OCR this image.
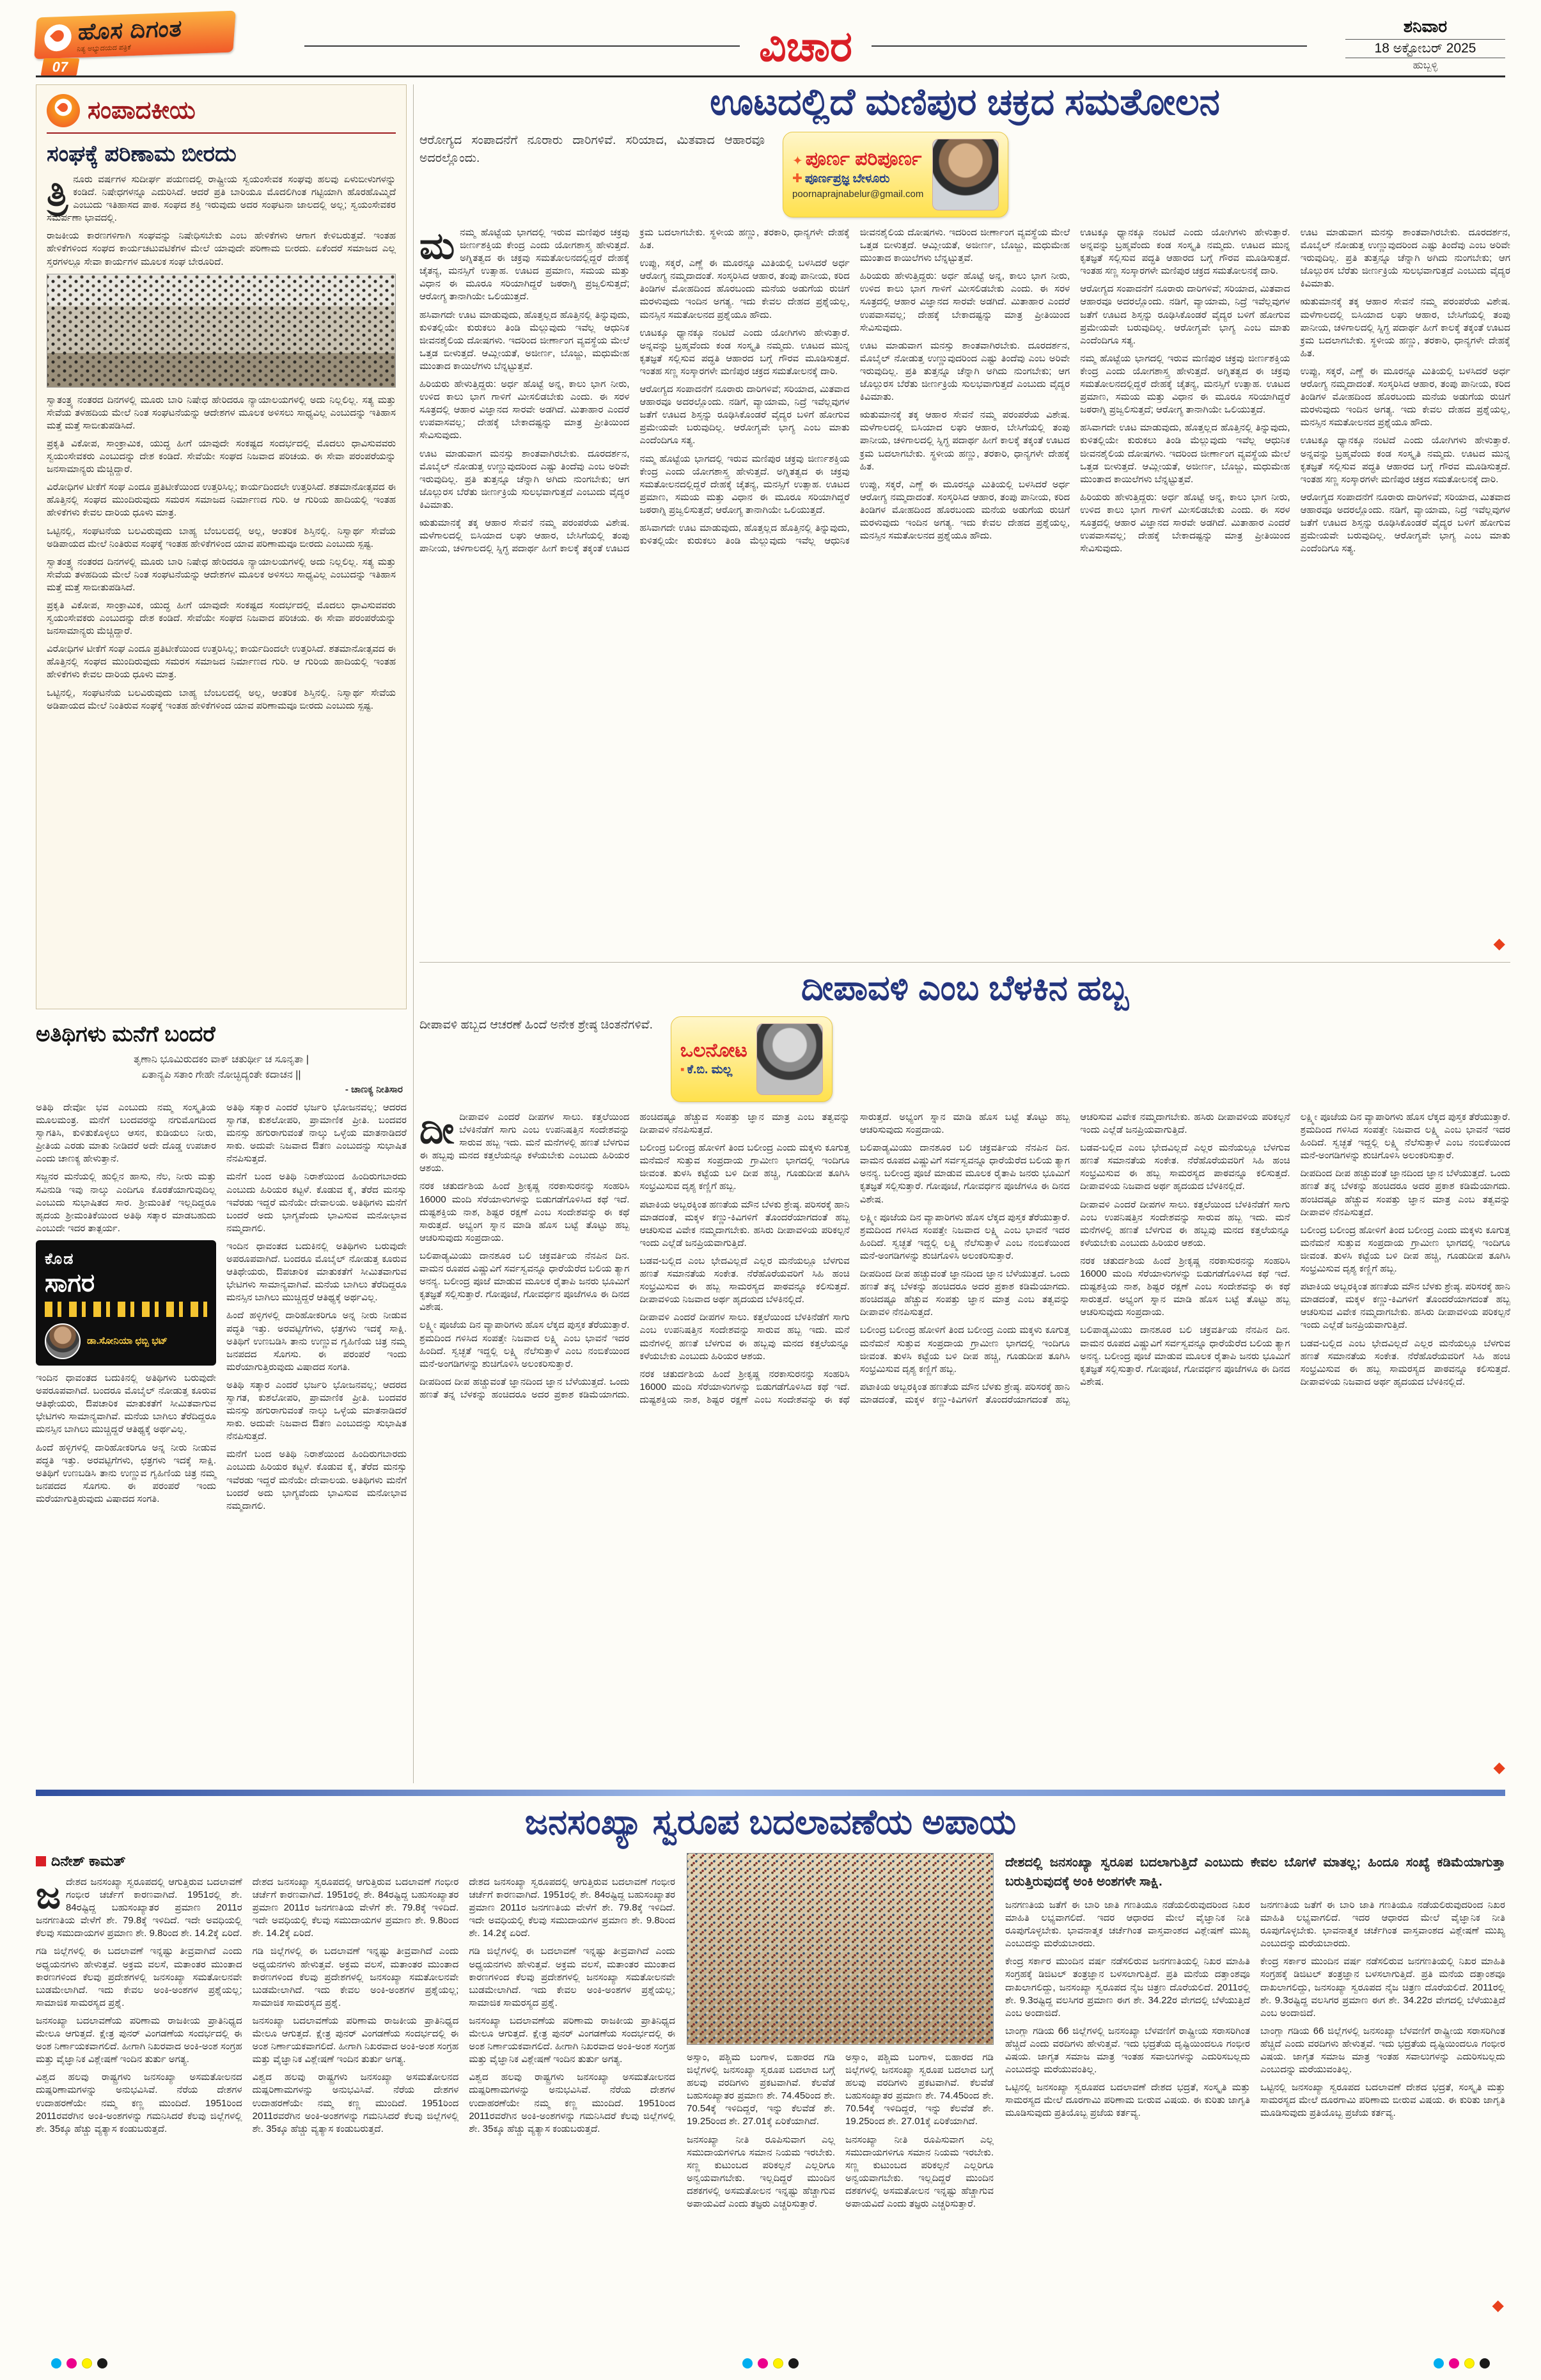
ಹೊಸ ದಿಗಂತ
ನಿತ್ಯ ಅಭ್ಯುದಯದ ಪತ್ರಿಕೆ
07	ವಿಚಾರ	ಶನಿವಾರ
18 ಅಕ್ಟೋಬರ್ 2025
ಹುಬ್ಬಳ್ಳಿ
ಸಂಪಾದಕೀಯ
ಸಂಘಕ್ಕೆ ಪರಿಣಾಮ ಬೀರದು
ತ್ರಿ ನೂರು ವರ್ಷಗಳ ಸುದೀರ್ಘ ಪಯಣದಲ್ಲಿ ರಾಷ್ಟ್ರೀಯ ಸ್ವಯಂಸೇವಕ ಸಂಘವು ಹಲವು ಏಳುಬೀಳುಗಳನ್ನು ಕಂಡಿದೆ. ನಿಷೇಧಗಳನ್ನೂ ಎದುರಿಸಿದೆ. ಆದರೆ ಪ್ರತಿ ಬಾರಿಯೂ ಮೊದಲಿಗಿಂತ ಗಟ್ಟಿಯಾಗಿ ಹೊರಹೊಮ್ಮಿದೆ ಎಂಬುದು ಇತಿಹಾಸದ ಪಾಠ. ಸಂಘದ ಶಕ್ತಿ ಇರುವುದು ಅದರ ಸಂಘಟನಾ ಜಾಲದಲ್ಲಿ ಅಲ್ಲ; ಸ್ವಯಂಸೇವಕರ ಸಮರ್ಪಣಾ ಭಾವದಲ್ಲಿ.

ರಾಜಕೀಯ ಕಾರಣಗಳಿಗಾಗಿ ಸಂಘವನ್ನು ನಿಷೇಧಿಸಬೇಕು ಎಂಬ ಹೇಳಿಕೆಗಳು ಆಗಾಗ ಕೇಳಿಬರುತ್ತವೆ. ಇಂತಹ ಹೇಳಿಕೆಗಳಿಂದ ಸಂಘದ ಕಾರ್ಯಚಟುವಟಿಕೆಗಳ ಮೇಲೆ ಯಾವುದೇ ಪರಿಣಾಮ ಬೀರದು. ಏಕೆಂದರೆ ಸಮಾಜದ ಎಲ್ಲ ಸ್ತರಗಳಲ್ಲೂ ಸೇವಾ ಕಾರ್ಯಗಳ ಮೂಲಕ ಸಂಘ ಬೇರೂರಿದೆ.

ಸ್ವಾತಂತ್ರ್ಯ ನಂತರದ ದಿನಗಳಲ್ಲಿ ಮೂರು ಬಾರಿ ನಿಷೇಧ ಹೇರಿದರೂ ನ್ಯಾಯಾಲಯಗಳಲ್ಲಿ ಅದು ನಿಲ್ಲಲಿಲ್ಲ. ಸತ್ಯ ಮತ್ತು ಸೇವೆಯ ತಳಹದಿಯ ಮೇಲೆ ನಿಂತ ಸಂಘಟನೆಯನ್ನು ಆದೇಶಗಳ ಮೂಲಕ ಅಳಿಸಲು ಸಾಧ್ಯವಿಲ್ಲ ಎಂಬುದನ್ನು ಇತಿಹಾಸ ಮತ್ತೆ ಮತ್ತೆ ಸಾಬೀತುಪಡಿಸಿದೆ.

ಪ್ರಕೃತಿ ವಿಕೋಪ, ಸಾಂಕ್ರಾಮಿಕ, ಯುದ್ಧ ಹೀಗೆ ಯಾವುದೇ ಸಂಕಷ್ಟದ ಸಂದರ್ಭದಲ್ಲಿ ಮೊದಲು ಧಾವಿಸುವವರು ಸ್ವಯಂಸೇವಕರು ಎಂಬುದನ್ನು ದೇಶ ಕಂಡಿದೆ. ಸೇವೆಯೇ ಸಂಘದ ನಿಜವಾದ ಪರಿಚಯ. ಈ ಸೇವಾ ಪರಂಪರೆಯನ್ನು ಜನಸಾಮಾನ್ಯರು ಮೆಚ್ಚಿದ್ದಾರೆ.

ವಿರೋಧಿಗಳ ಟೀಕೆಗೆ ಸಂಘ ಎಂದೂ ಪ್ರತಿಟೀಕೆಯಿಂದ ಉತ್ತರಿಸಿಲ್ಲ; ಕಾರ್ಯದಿಂದಲೇ ಉತ್ತರಿಸಿದೆ. ಶತಮಾನೋತ್ಸವದ ಈ ಹೊತ್ತಿನಲ್ಲಿ ಸಂಘದ ಮುಂದಿರುವುದು ಸಮರಸ ಸಮಾಜದ ನಿರ್ಮಾಣದ ಗುರಿ. ಆ ಗುರಿಯ ಹಾದಿಯಲ್ಲಿ ಇಂತಹ ಹೇಳಿಕೆಗಳು ಕೇವಲ ದಾರಿಯ ಧೂಳು ಮಾತ್ರ.

ಒಟ್ಟಿನಲ್ಲಿ, ಸಂಘಟನೆಯ ಬಲವಿರುವುದು ಬಾಹ್ಯ ಬೆಂಬಲದಲ್ಲಿ ಅಲ್ಲ, ಆಂತರಿಕ ಶಿಸ್ತಿನಲ್ಲಿ. ನಿಸ್ವಾರ್ಥ ಸೇವೆಯ ಅಡಿಪಾಯದ ಮೇಲೆ ನಿಂತಿರುವ ಸಂಘಕ್ಕೆ ಇಂತಹ ಹೇಳಿಕೆಗಳಿಂದ ಯಾವ ಪರಿಣಾಮವೂ ಬೀರದು ಎಂಬುದು ಸ್ಪಷ್ಟ.

ಸ್ವಾತಂತ್ರ್ಯ ನಂತರದ ದಿನಗಳಲ್ಲಿ ಮೂರು ಬಾರಿ ನಿಷೇಧ ಹೇರಿದರೂ ನ್ಯಾಯಾಲಯಗಳಲ್ಲಿ ಅದು ನಿಲ್ಲಲಿಲ್ಲ. ಸತ್ಯ ಮತ್ತು ಸೇವೆಯ ತಳಹದಿಯ ಮೇಲೆ ನಿಂತ ಸಂಘಟನೆಯನ್ನು ಆದೇಶಗಳ ಮೂಲಕ ಅಳಿಸಲು ಸಾಧ್ಯವಿಲ್ಲ ಎಂಬುದನ್ನು ಇತಿಹಾಸ ಮತ್ತೆ ಮತ್ತೆ ಸಾಬೀತುಪಡಿಸಿದೆ.

ಪ್ರಕೃತಿ ವಿಕೋಪ, ಸಾಂಕ್ರಾಮಿಕ, ಯುದ್ಧ ಹೀಗೆ ಯಾವುದೇ ಸಂಕಷ್ಟದ ಸಂದರ್ಭದಲ್ಲಿ ಮೊದಲು ಧಾವಿಸುವವರು ಸ್ವಯಂಸೇವಕರು ಎಂಬುದನ್ನು ದೇಶ ಕಂಡಿದೆ. ಸೇವೆಯೇ ಸಂಘದ ನಿಜವಾದ ಪರಿಚಯ. ಈ ಸೇವಾ ಪರಂಪರೆಯನ್ನು ಜನಸಾಮಾನ್ಯರು ಮೆಚ್ಚಿದ್ದಾರೆ.

ವಿರೋಧಿಗಳ ಟೀಕೆಗೆ ಸಂಘ ಎಂದೂ ಪ್ರತಿಟೀಕೆಯಿಂದ ಉತ್ತರಿಸಿಲ್ಲ; ಕಾರ್ಯದಿಂದಲೇ ಉತ್ತರಿಸಿದೆ. ಶತಮಾನೋತ್ಸವದ ಈ ಹೊತ್ತಿನಲ್ಲಿ ಸಂಘದ ಮುಂದಿರುವುದು ಸಮರಸ ಸಮಾಜದ ನಿರ್ಮಾಣದ ಗುರಿ. ಆ ಗುರಿಯ ಹಾದಿಯಲ್ಲಿ ಇಂತಹ ಹೇಳಿಕೆಗಳು ಕೇವಲ ದಾರಿಯ ಧೂಳು ಮಾತ್ರ.

ಒಟ್ಟಿನಲ್ಲಿ, ಸಂಘಟನೆಯ ಬಲವಿರುವುದು ಬಾಹ್ಯ ಬೆಂಬಲದಲ್ಲಿ ಅಲ್ಲ, ಆಂತರಿಕ ಶಿಸ್ತಿನಲ್ಲಿ. ನಿಸ್ವಾರ್ಥ ಸೇವೆಯ ಅಡಿಪಾಯದ ಮೇಲೆ ನಿಂತಿರುವ ಸಂಘಕ್ಕೆ ಇಂತಹ ಹೇಳಿಕೆಗಳಿಂದ ಯಾವ ಪರಿಣಾಮವೂ ಬೀರದು ಎಂಬುದು ಸ್ಪಷ್ಟ.

ಅತಿಥಿಗಳು ಮನೆಗೆ ಬಂದರೆ
ತೃಣಾನಿ ಭೂಮಿರುದಕಂ ವಾಕ್ ಚತುರ್ಥೀ ಚ ಸೂನೃತಾ |
ಏತಾನ್ಯಪಿ ಸತಾಂ ಗೇಹೇ ನೋಚ್ಛಿದ್ಯಂತೇ ಕದಾಚನ ||
- ಚಾಣಕ್ಯ ನೀತಿಸಾರ

ಅತಿಥಿ ದೇವೋ ಭವ ಎಂಬುದು ನಮ್ಮ ಸಂಸ್ಕೃತಿಯ ಮೂಲಮಂತ್ರ. ಮನೆಗೆ ಬಂದವರನ್ನು ನಗುಮೊಗದಿಂದ ಸ್ವಾಗತಿಸಿ, ಕುಳಿತುಕೊಳ್ಳಲು ಆಸನ, ಕುಡಿಯಲು ನೀರು, ಪ್ರೀತಿಯ ಎರಡು ಮಾತು ನೀಡಿದರೆ ಅದೇ ದೊಡ್ಡ ಉಪಚಾರ ಎಂದು ಚಾಣಕ್ಯ ಹೇಳುತ್ತಾನೆ.

ಸಜ್ಜನರ ಮನೆಯಲ್ಲಿ ಹುಲ್ಲಿನ ಹಾಸು, ನೆಲ, ನೀರು ಮತ್ತು ಸವಿನುಡಿ ಇವು ನಾಲ್ಕು ಎಂದಿಗೂ ಕೊರತೆಯಾಗುವುದಿಲ್ಲ ಎಂಬುದು ಸುಭಾಷಿತದ ಸಾರ. ಶ್ರೀಮಂತಿಕೆ ಇಲ್ಲದಿದ್ದರೂ ಹೃದಯ ಶ್ರೀಮಂತಿಕೆಯಿಂದ ಅತಿಥಿ ಸತ್ಕಾರ ಮಾಡಬಹುದು ಎಂಬುದೇ ಇದರ ತಾತ್ಪರ್ಯ.

ಕೊಡ
ಸಾಗರ
ಡಾ.ಸೋನಿಯಾ ಛಬ್ಬಿ ಭಟ್

ಇಂದಿನ ಧಾವಂತದ ಬದುಕಿನಲ್ಲಿ ಅತಿಥಿಗಳು ಬರುವುದೇ ಅಪರೂಪವಾಗಿದೆ. ಬಂದರೂ ಮೊಬೈಲ್ ನೋಡುತ್ತ ಕೂರುವ ಆತಿಥೇಯರು, ಔಪಚಾರಿಕ ಮಾತುಕತೆಗೆ ಸೀಮಿತವಾಗುವ ಭೇಟಿಗಳು ಸಾಮಾನ್ಯವಾಗಿವೆ. ಮನೆಯ ಬಾಗಿಲು ತೆರೆದಿದ್ದರೂ ಮನಸ್ಸಿನ ಬಾಗಿಲು ಮುಚ್ಚಿದ್ದರೆ ಆತಿಥ್ಯಕ್ಕೆ ಅರ್ಥವಿಲ್ಲ.

ಹಿಂದೆ ಹಳ್ಳಿಗಳಲ್ಲಿ ದಾರಿಹೋಕರಿಗೂ ಅನ್ನ ನೀರು ನೀಡುವ ಪದ್ಧತಿ ಇತ್ತು. ಅರವಟ್ಟಿಗೆಗಳು, ಛತ್ರಗಳು ಇದಕ್ಕೆ ಸಾಕ್ಷಿ. ಅತಿಥಿಗೆ ಉಣಬಡಿಸಿ ತಾನು ಉಣ್ಣುವ ಗೃಹಿಣಿಯ ಚಿತ್ರ ನಮ್ಮ ಜನಪದದ ಸೊಗಸು. ಈ ಪರಂಪರೆ ಇಂದು ಮರೆಯಾಗುತ್ತಿರುವುದು ವಿಷಾದದ ಸಂಗತಿ.

ಅತಿಥಿ ಸತ್ಕಾರ ಎಂದರೆ ಭರ್ಜರಿ ಭೋಜನವಲ್ಲ; ಆದರದ ಸ್ವಾಗತ, ಕುಶಲೋಪರಿ, ಪ್ರಾಮಾಣಿಕ ಪ್ರೀತಿ. ಬಂದವರ ಮನಸ್ಸು ಹಗುರಾಗುವಂತೆ ನಾಲ್ಕು ಒಳ್ಳೆಯ ಮಾತನಾಡಿದರೆ ಸಾಕು. ಅದುವೇ ನಿಜವಾದ ಔತಣ ಎಂಬುದನ್ನು ಸುಭಾಷಿತ ನೆನಪಿಸುತ್ತದೆ.

ಮನೆಗೆ ಬಂದ ಅತಿಥಿ ನಿರಾಶೆಯಿಂದ ಹಿಂದಿರುಗಬಾರದು ಎಂಬುದು ಹಿರಿಯರ ಕಟ್ಟಳೆ. ಕೊಡುವ ಕೈ, ತೆರೆದ ಮನಸ್ಸು ಇವೆರಡು ಇದ್ದರೆ ಮನೆಯೇ ದೇವಾಲಯ. ಅತಿಥಿಗಳು ಮನೆಗೆ ಬಂದರೆ ಅದು ಭಾಗ್ಯವೆಂದು ಭಾವಿಸುವ ಮನೋಭಾವ ನಮ್ಮದಾಗಲಿ.

ಇಂದಿನ ಧಾವಂತದ ಬದುಕಿನಲ್ಲಿ ಅತಿಥಿಗಳು ಬರುವುದೇ ಅಪರೂಪವಾಗಿದೆ. ಬಂದರೂ ಮೊಬೈಲ್ ನೋಡುತ್ತ ಕೂರುವ ಆತಿಥೇಯರು, ಔಪಚಾರಿಕ ಮಾತುಕತೆಗೆ ಸೀಮಿತವಾಗುವ ಭೇಟಿಗಳು ಸಾಮಾನ್ಯವಾಗಿವೆ. ಮನೆಯ ಬಾಗಿಲು ತೆರೆದಿದ್ದರೂ ಮನಸ್ಸಿನ ಬಾಗಿಲು ಮುಚ್ಚಿದ್ದರೆ ಆತಿಥ್ಯಕ್ಕೆ ಅರ್ಥವಿಲ್ಲ.

ಹಿಂದೆ ಹಳ್ಳಿಗಳಲ್ಲಿ ದಾರಿಹೋಕರಿಗೂ ಅನ್ನ ನೀರು ನೀಡುವ ಪದ್ಧತಿ ಇತ್ತು. ಅರವಟ್ಟಿಗೆಗಳು, ಛತ್ರಗಳು ಇದಕ್ಕೆ ಸಾಕ್ಷಿ. ಅತಿಥಿಗೆ ಉಣಬಡಿಸಿ ತಾನು ಉಣ್ಣುವ ಗೃಹಿಣಿಯ ಚಿತ್ರ ನಮ್ಮ ಜನಪದದ ಸೊಗಸು. ಈ ಪರಂಪರೆ ಇಂದು ಮರೆಯಾಗುತ್ತಿರುವುದು ವಿಷಾದದ ಸಂಗತಿ.

ಅತಿಥಿ ಸತ್ಕಾರ ಎಂದರೆ ಭರ್ಜರಿ ಭೋಜನವಲ್ಲ; ಆದರದ ಸ್ವಾಗತ, ಕುಶಲೋಪರಿ, ಪ್ರಾಮಾಣಿಕ ಪ್ರೀತಿ. ಬಂದವರ ಮನಸ್ಸು ಹಗುರಾಗುವಂತೆ ನಾಲ್ಕು ಒಳ್ಳೆಯ ಮಾತನಾಡಿದರೆ ಸಾಕು. ಅದುವೇ ನಿಜವಾದ ಔತಣ ಎಂಬುದನ್ನು ಸುಭಾಷಿತ ನೆನಪಿಸುತ್ತದೆ.

ಮನೆಗೆ ಬಂದ ಅತಿಥಿ ನಿರಾಶೆಯಿಂದ ಹಿಂದಿರುಗಬಾರದು ಎಂಬುದು ಹಿರಿಯರ ಕಟ್ಟಳೆ. ಕೊಡುವ ಕೈ, ತೆರೆದ ಮನಸ್ಸು ಇವೆರಡು ಇದ್ದರೆ ಮನೆಯೇ ದೇವಾಲಯ. ಅತಿಥಿಗಳು ಮನೆಗೆ ಬಂದರೆ ಅದು ಭಾಗ್ಯವೆಂದು ಭಾವಿಸುವ ಮನೋಭಾವ ನಮ್ಮದಾಗಲಿ.

ಊಟದಲ್ಲಿದೆ ಮಣಿಪುರ ಚಕ್ರದ ಸಮತೋಲನ

ಆರೋಗ್ಯದ ಸಂಪಾದನೆಗೆ ನೂರಾರು ದಾರಿಗಳಿವೆ. ಸರಿಯಾದ, ಮಿತವಾದ ಆಹಾರವೂ ಅದರಲ್ಲೊಂದು.	✦ ಪೂರ್ಣ ಪರಿಪೂರ್ಣ
✚ ಪೂರ್ಣಪ್ರಜ್ಞ ಬೇಳೂರು
poornaprajnabelur@gmail.com
ಮ ನಮ್ಮ ಹೊಟ್ಟೆಯ ಭಾಗದಲ್ಲಿ ಇರುವ ಮಣಿಪುರ ಚಕ್ರವು ಜೀರ್ಣಶಕ್ತಿಯ ಕೇಂದ್ರ ಎಂದು ಯೋಗಶಾಸ್ತ್ರ ಹೇಳುತ್ತದೆ. ಅಗ್ನಿತತ್ವದ ಈ ಚಕ್ರವು ಸಮತೋಲನದಲ್ಲಿದ್ದರೆ ದೇಹಕ್ಕೆ ಚೈತನ್ಯ, ಮನಸ್ಸಿಗೆ ಉತ್ಸಾಹ. ಊಟದ ಪ್ರಮಾಣ, ಸಮಯ ಮತ್ತು ವಿಧಾನ ಈ ಮೂರೂ ಸರಿಯಾಗಿದ್ದರೆ ಜಠರಾಗ್ನಿ ಪ್ರಜ್ವಲಿಸುತ್ತದೆ; ಆರೋಗ್ಯ ತಾನಾಗಿಯೇ ಒಲಿಯುತ್ತದೆ.

ಹಸಿವಾಗದೇ ಊಟ ಮಾಡುವುದು, ಹೊತ್ತಲ್ಲದ ಹೊತ್ತಿನಲ್ಲಿ ತಿನ್ನುವುದು, ಕುಳಿತಲ್ಲಿಯೇ ಕುರುಕಲು ತಿಂಡಿ ಮೆಲ್ಲುವುದು ಇವೆಲ್ಲ ಆಧುನಿಕ ಜೀವನಶೈಲಿಯ ದೋಷಗಳು. ಇದರಿಂದ ಜೀರ್ಣಾಂಗ ವ್ಯವಸ್ಥೆಯ ಮೇಲೆ ಒತ್ತಡ ಬೀಳುತ್ತದೆ. ಆಮ್ಲೀಯತೆ, ಅಜೀರ್ಣ, ಬೊಜ್ಜು, ಮಧುಮೇಹ ಮುಂತಾದ ಕಾಯಿಲೆಗಳು ಬೆನ್ನಟ್ಟುತ್ತವೆ.

ಹಿರಿಯರು ಹೇಳುತ್ತಿದ್ದರು: ಅರ್ಧ ಹೊಟ್ಟೆ ಅನ್ನ, ಕಾಲು ಭಾಗ ನೀರು, ಉಳಿದ ಕಾಲು ಭಾಗ ಗಾಳಿಗೆ ಮೀಸಲಿಡಬೇಕು ಎಂದು. ಈ ಸರಳ ಸೂತ್ರದಲ್ಲಿ ಆಹಾರ ವಿಜ್ಞಾನದ ಸಾರವೇ ಅಡಗಿದೆ. ಮಿತಾಹಾರ ಎಂದರೆ ಉಪವಾಸವಲ್ಲ; ದೇಹಕ್ಕೆ ಬೇಕಾದಷ್ಟನ್ನು ಮಾತ್ರ ಪ್ರೀತಿಯಿಂದ ಸೇವಿಸುವುದು.

ಊಟ ಮಾಡುವಾಗ ಮನಸ್ಸು ಶಾಂತವಾಗಿರಬೇಕು. ದೂರದರ್ಶನ, ಮೊಬೈಲ್ ನೋಡುತ್ತ ಉಣ್ಣುವುದರಿಂದ ಎಷ್ಟು ತಿಂದೆವು ಎಂಬ ಅರಿವೇ ಇರುವುದಿಲ್ಲ. ಪ್ರತಿ ತುತ್ತನ್ನೂ ಚೆನ್ನಾಗಿ ಅಗಿದು ನುಂಗಬೇಕು; ಆಗ ಜೊಲ್ಲುರಸ ಬೆರೆತು ಜೀರ್ಣಕ್ರಿಯೆ ಸುಲಭವಾಗುತ್ತದೆ ಎಂಬುದು ವೈದ್ಯರ ಕಿವಿಮಾತು.

ಋತುಮಾನಕ್ಕೆ ತಕ್ಕ ಆಹಾರ ಸೇವನೆ ನಮ್ಮ ಪರಂಪರೆಯ ವಿಶೇಷ. ಮಳೆಗಾಲದಲ್ಲಿ ಬಿಸಿಯಾದ ಲಘು ಆಹಾರ, ಬೇಸಿಗೆಯಲ್ಲಿ ತಂಪು ಪಾನೀಯ, ಚಳಿಗಾಲದಲ್ಲಿ ಸ್ನಿಗ್ಧ ಪದಾರ್ಥ ಹೀಗೆ ಕಾಲಕ್ಕೆ ತಕ್ಕಂತೆ ಊಟದ ಕ್ರಮ ಬದಲಾಗಬೇಕು. ಸ್ಥಳೀಯ ಹಣ್ಣು, ತರಕಾರಿ, ಧಾನ್ಯಗಳೇ ದೇಹಕ್ಕೆ ಹಿತ.

ಉಪ್ಪು, ಸಕ್ಕರೆ, ಎಣ್ಣೆ ಈ ಮೂರನ್ನೂ ಮಿತಿಯಲ್ಲಿ ಬಳಸಿದರೆ ಅರ್ಧ ಆರೋಗ್ಯ ನಮ್ಮದಾದಂತೆ. ಸಂಸ್ಕರಿಸಿದ ಆಹಾರ, ತಂಪು ಪಾನೀಯ, ಕರಿದ ತಿಂಡಿಗಳ ಮೋಹದಿಂದ ಹೊರಬಂದು ಮನೆಯ ಅಡುಗೆಯ ರುಚಿಗೆ ಮರಳುವುದು ಇಂದಿನ ಅಗತ್ಯ. ಇದು ಕೇವಲ ದೇಹದ ಪ್ರಶ್ನೆಯಲ್ಲ, ಮನಸ್ಸಿನ ಸಮತೋಲನದ ಪ್ರಶ್ನೆಯೂ ಹೌದು.

ಊಟಕ್ಕೂ ಧ್ಯಾನಕ್ಕೂ ನಂಟಿದೆ ಎಂದು ಯೋಗಿಗಳು ಹೇಳುತ್ತಾರೆ. ಅನ್ನವನ್ನು ಬ್ರಹ್ಮವೆಂದು ಕಂಡ ಸಂಸ್ಕೃತಿ ನಮ್ಮದು. ಊಟದ ಮುನ್ನ ಕೃತಜ್ಞತೆ ಸಲ್ಲಿಸುವ ಪದ್ಧತಿ ಆಹಾರದ ಬಗ್ಗೆ ಗೌರವ ಮೂಡಿಸುತ್ತದೆ. ಇಂತಹ ಸಣ್ಣ ಸಂಸ್ಕಾರಗಳೇ ಮಣಿಪುರ ಚಕ್ರದ ಸಮತೋಲನಕ್ಕೆ ದಾರಿ.

ಆರೋಗ್ಯದ ಸಂಪಾದನೆಗೆ ನೂರಾರು ದಾರಿಗಳಿವೆ; ಸರಿಯಾದ, ಮಿತವಾದ ಆಹಾರವೂ ಅದರಲ್ಲೊಂದು. ನಡಿಗೆ, ವ್ಯಾಯಾಮ, ನಿದ್ರೆ ಇವೆಲ್ಲವುಗಳ ಜತೆಗೆ ಊಟದ ಶಿಸ್ತನ್ನು ರೂಢಿಸಿಕೊಂಡರೆ ವೈದ್ಯರ ಬಳಿಗೆ ಹೋಗುವ ಪ್ರಮೇಯವೇ ಬರುವುದಿಲ್ಲ. ಆರೋಗ್ಯವೇ ಭಾಗ್ಯ ಎಂಬ ಮಾತು ಎಂದೆಂದಿಗೂ ಸತ್ಯ.

ನಮ್ಮ ಹೊಟ್ಟೆಯ ಭಾಗದಲ್ಲಿ ಇರುವ ಮಣಿಪುರ ಚಕ್ರವು ಜೀರ್ಣಶಕ್ತಿಯ ಕೇಂದ್ರ ಎಂದು ಯೋಗಶಾಸ್ತ್ರ ಹೇಳುತ್ತದೆ. ಅಗ್ನಿತತ್ವದ ಈ ಚಕ್ರವು ಸಮತೋಲನದಲ್ಲಿದ್ದರೆ ದೇಹಕ್ಕೆ ಚೈತನ್ಯ, ಮನಸ್ಸಿಗೆ ಉತ್ಸಾಹ. ಊಟದ ಪ್ರಮಾಣ, ಸಮಯ ಮತ್ತು ವಿಧಾನ ಈ ಮೂರೂ ಸರಿಯಾಗಿದ್ದರೆ ಜಠರಾಗ್ನಿ ಪ್ರಜ್ವಲಿಸುತ್ತದೆ; ಆರೋಗ್ಯ ತಾನಾಗಿಯೇ ಒಲಿಯುತ್ತದೆ.

ಹಸಿವಾಗದೇ ಊಟ ಮಾಡುವುದು, ಹೊತ್ತಲ್ಲದ ಹೊತ್ತಿನಲ್ಲಿ ತಿನ್ನುವುದು, ಕುಳಿತಲ್ಲಿಯೇ ಕುರುಕಲು ತಿಂಡಿ ಮೆಲ್ಲುವುದು ಇವೆಲ್ಲ ಆಧುನಿಕ ಜೀವನಶೈಲಿಯ ದೋಷಗಳು. ಇದರಿಂದ ಜೀರ್ಣಾಂಗ ವ್ಯವಸ್ಥೆಯ ಮೇಲೆ ಒತ್ತಡ ಬೀಳುತ್ತದೆ. ಆಮ್ಲೀಯತೆ, ಅಜೀರ್ಣ, ಬೊಜ್ಜು, ಮಧುಮೇಹ ಮುಂತಾದ ಕಾಯಿಲೆಗಳು ಬೆನ್ನಟ್ಟುತ್ತವೆ.

ಹಿರಿಯರು ಹೇಳುತ್ತಿದ್ದರು: ಅರ್ಧ ಹೊಟ್ಟೆ ಅನ್ನ, ಕಾಲು ಭಾಗ ನೀರು, ಉಳಿದ ಕಾಲು ಭಾಗ ಗಾಳಿಗೆ ಮೀಸಲಿಡಬೇಕು ಎಂದು. ಈ ಸರಳ ಸೂತ್ರದಲ್ಲಿ ಆಹಾರ ವಿಜ್ಞಾನದ ಸಾರವೇ ಅಡಗಿದೆ. ಮಿತಾಹಾರ ಎಂದರೆ ಉಪವಾಸವಲ್ಲ; ದೇಹಕ್ಕೆ ಬೇಕಾದಷ್ಟನ್ನು ಮಾತ್ರ ಪ್ರೀತಿಯಿಂದ ಸೇವಿಸುವುದು.

ಊಟ ಮಾಡುವಾಗ ಮನಸ್ಸು ಶಾಂತವಾಗಿರಬೇಕು. ದೂರದರ್ಶನ, ಮೊಬೈಲ್ ನೋಡುತ್ತ ಉಣ್ಣುವುದರಿಂದ ಎಷ್ಟು ತಿಂದೆವು ಎಂಬ ಅರಿವೇ ಇರುವುದಿಲ್ಲ. ಪ್ರತಿ ತುತ್ತನ್ನೂ ಚೆನ್ನಾಗಿ ಅಗಿದು ನುಂಗಬೇಕು; ಆಗ ಜೊಲ್ಲುರಸ ಬೆರೆತು ಜೀರ್ಣಕ್ರಿಯೆ ಸುಲಭವಾಗುತ್ತದೆ ಎಂಬುದು ವೈದ್ಯರ ಕಿವಿಮಾತು.

ಋತುಮಾನಕ್ಕೆ ತಕ್ಕ ಆಹಾರ ಸೇವನೆ ನಮ್ಮ ಪರಂಪರೆಯ ವಿಶೇಷ. ಮಳೆಗಾಲದಲ್ಲಿ ಬಿಸಿಯಾದ ಲಘು ಆಹಾರ, ಬೇಸಿಗೆಯಲ್ಲಿ ತಂಪು ಪಾನೀಯ, ಚಳಿಗಾಲದಲ್ಲಿ ಸ್ನಿಗ್ಧ ಪದಾರ್ಥ ಹೀಗೆ ಕಾಲಕ್ಕೆ ತಕ್ಕಂತೆ ಊಟದ ಕ್ರಮ ಬದಲಾಗಬೇಕು. ಸ್ಥಳೀಯ ಹಣ್ಣು, ತರಕಾರಿ, ಧಾನ್ಯಗಳೇ ದೇಹಕ್ಕೆ ಹಿತ.

ಉಪ್ಪು, ಸಕ್ಕರೆ, ಎಣ್ಣೆ ಈ ಮೂರನ್ನೂ ಮಿತಿಯಲ್ಲಿ ಬಳಸಿದರೆ ಅರ್ಧ ಆರೋಗ್ಯ ನಮ್ಮದಾದಂತೆ. ಸಂಸ್ಕರಿಸಿದ ಆಹಾರ, ತಂಪು ಪಾನೀಯ, ಕರಿದ ತಿಂಡಿಗಳ ಮೋಹದಿಂದ ಹೊರಬಂದು ಮನೆಯ ಅಡುಗೆಯ ರುಚಿಗೆ ಮರಳುವುದು ಇಂದಿನ ಅಗತ್ಯ. ಇದು ಕೇವಲ ದೇಹದ ಪ್ರಶ್ನೆಯಲ್ಲ, ಮನಸ್ಸಿನ ಸಮತೋಲನದ ಪ್ರಶ್ನೆಯೂ ಹೌದು.

ಊಟಕ್ಕೂ ಧ್ಯಾನಕ್ಕೂ ನಂಟಿದೆ ಎಂದು ಯೋಗಿಗಳು ಹೇಳುತ್ತಾರೆ. ಅನ್ನವನ್ನು ಬ್ರಹ್ಮವೆಂದು ಕಂಡ ಸಂಸ್ಕೃತಿ ನಮ್ಮದು. ಊಟದ ಮುನ್ನ ಕೃತಜ್ಞತೆ ಸಲ್ಲಿಸುವ ಪದ್ಧತಿ ಆಹಾರದ ಬಗ್ಗೆ ಗೌರವ ಮೂಡಿಸುತ್ತದೆ. ಇಂತಹ ಸಣ್ಣ ಸಂಸ್ಕಾರಗಳೇ ಮಣಿಪುರ ಚಕ್ರದ ಸಮತೋಲನಕ್ಕೆ ದಾರಿ.

ಆರೋಗ್ಯದ ಸಂಪಾದನೆಗೆ ನೂರಾರು ದಾರಿಗಳಿವೆ; ಸರಿಯಾದ, ಮಿತವಾದ ಆಹಾರವೂ ಅದರಲ್ಲೊಂದು. ನಡಿಗೆ, ವ್ಯಾಯಾಮ, ನಿದ್ರೆ ಇವೆಲ್ಲವುಗಳ ಜತೆಗೆ ಊಟದ ಶಿಸ್ತನ್ನು ರೂಢಿಸಿಕೊಂಡರೆ ವೈದ್ಯರ ಬಳಿಗೆ ಹೋಗುವ ಪ್ರಮೇಯವೇ ಬರುವುದಿಲ್ಲ. ಆರೋಗ್ಯವೇ ಭಾಗ್ಯ ಎಂಬ ಮಾತು ಎಂದೆಂದಿಗೂ ಸತ್ಯ.

ನಮ್ಮ ಹೊಟ್ಟೆಯ ಭಾಗದಲ್ಲಿ ಇರುವ ಮಣಿಪುರ ಚಕ್ರವು ಜೀರ್ಣಶಕ್ತಿಯ ಕೇಂದ್ರ ಎಂದು ಯೋಗಶಾಸ್ತ್ರ ಹೇಳುತ್ತದೆ. ಅಗ್ನಿತತ್ವದ ಈ ಚಕ್ರವು ಸಮತೋಲನದಲ್ಲಿದ್ದರೆ ದೇಹಕ್ಕೆ ಚೈತನ್ಯ, ಮನಸ್ಸಿಗೆ ಉತ್ಸಾಹ. ಊಟದ ಪ್ರಮಾಣ, ಸಮಯ ಮತ್ತು ವಿಧಾನ ಈ ಮೂರೂ ಸರಿಯಾಗಿದ್ದರೆ ಜಠರಾಗ್ನಿ ಪ್ರಜ್ವಲಿಸುತ್ತದೆ; ಆರೋಗ್ಯ ತಾನಾಗಿಯೇ ಒಲಿಯುತ್ತದೆ.

ಹಸಿವಾಗದೇ ಊಟ ಮಾಡುವುದು, ಹೊತ್ತಲ್ಲದ ಹೊತ್ತಿನಲ್ಲಿ ತಿನ್ನುವುದು, ಕುಳಿತಲ್ಲಿಯೇ ಕುರುಕಲು ತಿಂಡಿ ಮೆಲ್ಲುವುದು ಇವೆಲ್ಲ ಆಧುನಿಕ ಜೀವನಶೈಲಿಯ ದೋಷಗಳು. ಇದರಿಂದ ಜೀರ್ಣಾಂಗ ವ್ಯವಸ್ಥೆಯ ಮೇಲೆ ಒತ್ತಡ ಬೀಳುತ್ತದೆ. ಆಮ್ಲೀಯತೆ, ಅಜೀರ್ಣ, ಬೊಜ್ಜು, ಮಧುಮೇಹ ಮುಂತಾದ ಕಾಯಿಲೆಗಳು ಬೆನ್ನಟ್ಟುತ್ತವೆ.

ಹಿರಿಯರು ಹೇಳುತ್ತಿದ್ದರು: ಅರ್ಧ ಹೊಟ್ಟೆ ಅನ್ನ, ಕಾಲು ಭಾಗ ನೀರು, ಉಳಿದ ಕಾಲು ಭಾಗ ಗಾಳಿಗೆ ಮೀಸಲಿಡಬೇಕು ಎಂದು. ಈ ಸರಳ ಸೂತ್ರದಲ್ಲಿ ಆಹಾರ ವಿಜ್ಞಾನದ ಸಾರವೇ ಅಡಗಿದೆ. ಮಿತಾಹಾರ ಎಂದರೆ ಉಪವಾಸವಲ್ಲ; ದೇಹಕ್ಕೆ ಬೇಕಾದಷ್ಟನ್ನು ಮಾತ್ರ ಪ್ರೀತಿಯಿಂದ ಸೇವಿಸುವುದು.

ಊಟ ಮಾಡುವಾಗ ಮನಸ್ಸು ಶಾಂತವಾಗಿರಬೇಕು. ದೂರದರ್ಶನ, ಮೊಬೈಲ್ ನೋಡುತ್ತ ಉಣ್ಣುವುದರಿಂದ ಎಷ್ಟು ತಿಂದೆವು ಎಂಬ ಅರಿವೇ ಇರುವುದಿಲ್ಲ. ಪ್ರತಿ ತುತ್ತನ್ನೂ ಚೆನ್ನಾಗಿ ಅಗಿದು ನುಂಗಬೇಕು; ಆಗ ಜೊಲ್ಲುರಸ ಬೆರೆತು ಜೀರ್ಣಕ್ರಿಯೆ ಸುಲಭವಾಗುತ್ತದೆ ಎಂಬುದು ವೈದ್ಯರ ಕಿವಿಮಾತು.

ಋತುಮಾನಕ್ಕೆ ತಕ್ಕ ಆಹಾರ ಸೇವನೆ ನಮ್ಮ ಪರಂಪರೆಯ ವಿಶೇಷ. ಮಳೆಗಾಲದಲ್ಲಿ ಬಿಸಿಯಾದ ಲಘು ಆಹಾರ, ಬೇಸಿಗೆಯಲ್ಲಿ ತಂಪು ಪಾನೀಯ, ಚಳಿಗಾಲದಲ್ಲಿ ಸ್ನಿಗ್ಧ ಪದಾರ್ಥ ಹೀಗೆ ಕಾಲಕ್ಕೆ ತಕ್ಕಂತೆ ಊಟದ ಕ್ರಮ ಬದಲಾಗಬೇಕು. ಸ್ಥಳೀಯ ಹಣ್ಣು, ತರಕಾರಿ, ಧಾನ್ಯಗಳೇ ದೇಹಕ್ಕೆ ಹಿತ.

ಉಪ್ಪು, ಸಕ್ಕರೆ, ಎಣ್ಣೆ ಈ ಮೂರನ್ನೂ ಮಿತಿಯಲ್ಲಿ ಬಳಸಿದರೆ ಅರ್ಧ ಆರೋಗ್ಯ ನಮ್ಮದಾದಂತೆ. ಸಂಸ್ಕರಿಸಿದ ಆಹಾರ, ತಂಪು ಪಾನೀಯ, ಕರಿದ ತಿಂಡಿಗಳ ಮೋಹದಿಂದ ಹೊರಬಂದು ಮನೆಯ ಅಡುಗೆಯ ರುಚಿಗೆ ಮರಳುವುದು ಇಂದಿನ ಅಗತ್ಯ. ಇದು ಕೇವಲ ದೇಹದ ಪ್ರಶ್ನೆಯಲ್ಲ, ಮನಸ್ಸಿನ ಸಮತೋಲನದ ಪ್ರಶ್ನೆಯೂ ಹೌದು.

ಊಟಕ್ಕೂ ಧ್ಯಾನಕ್ಕೂ ನಂಟಿದೆ ಎಂದು ಯೋಗಿಗಳು ಹೇಳುತ್ತಾರೆ. ಅನ್ನವನ್ನು ಬ್ರಹ್ಮವೆಂದು ಕಂಡ ಸಂಸ್ಕೃತಿ ನಮ್ಮದು. ಊಟದ ಮುನ್ನ ಕೃತಜ್ಞತೆ ಸಲ್ಲಿಸುವ ಪದ್ಧತಿ ಆಹಾರದ ಬಗ್ಗೆ ಗೌರವ ಮೂಡಿಸುತ್ತದೆ. ಇಂತಹ ಸಣ್ಣ ಸಂಸ್ಕಾರಗಳೇ ಮಣಿಪುರ ಚಕ್ರದ ಸಮತೋಲನಕ್ಕೆ ದಾರಿ.

ಆರೋಗ್ಯದ ಸಂಪಾದನೆಗೆ ನೂರಾರು ದಾರಿಗಳಿವೆ; ಸರಿಯಾದ, ಮಿತವಾದ ಆಹಾರವೂ ಅದರಲ್ಲೊಂದು. ನಡಿಗೆ, ವ್ಯಾಯಾಮ, ನಿದ್ರೆ ಇವೆಲ್ಲವುಗಳ ಜತೆಗೆ ಊಟದ ಶಿಸ್ತನ್ನು ರೂಢಿಸಿಕೊಂಡರೆ ವೈದ್ಯರ ಬಳಿಗೆ ಹೋಗುವ ಪ್ರಮೇಯವೇ ಬರುವುದಿಲ್ಲ. ಆರೋಗ್ಯವೇ ಭಾಗ್ಯ ಎಂಬ ಮಾತು ಎಂದೆಂದಿಗೂ ಸತ್ಯ.

◆
ದೀಪಾವಳಿ ಎಂಬ ಬೆಳಕಿನ ಹಬ್ಬ

ದೀಪಾವಳಿ ಹಬ್ಬದ ಆಚರಣೆ ಹಿಂದೆ ಅನೇಕ ಶ್ರೇಷ್ಠ ಚಿಂತನೆಗಳಿವೆ.

ಒಲನೋಟ
▪ ಕೆ.ಬಿ. ಮಲ್ಲ
ದೀ ದೀಪಾವಳಿ ಎಂದರೆ ದೀಪಗಳ ಸಾಲು. ಕತ್ತಲೆಯಿಂದ ಬೆಳಕಿನೆಡೆಗೆ ಸಾಗು ಎಂಬ ಉಪನಿಷತ್ತಿನ ಸಂದೇಶವನ್ನು ಸಾರುವ ಹಬ್ಬ ಇದು. ಮನೆ ಮನೆಗಳಲ್ಲಿ ಹಣತೆ ಬೆಳಗುವ ಈ ಹಬ್ಬವು ಮನದ ಕತ್ತಲೆಯನ್ನೂ ಕಳೆಯಬೇಕು ಎಂಬುದು ಹಿರಿಯರ ಆಶಯ.

ನರಕ ಚತುರ್ದಶಿಯ ಹಿಂದೆ ಶ್ರೀಕೃಷ್ಣ ನರಕಾಸುರನನ್ನು ಸಂಹರಿಸಿ 16000 ಮಂದಿ ಸೆರೆಯಾಳುಗಳನ್ನು ಬಿಡುಗಡೆಗೊಳಿಸಿದ ಕಥೆ ಇದೆ. ದುಷ್ಟಶಕ್ತಿಯ ನಾಶ, ಶಿಷ್ಟರ ರಕ್ಷಣೆ ಎಂಬ ಸಂದೇಶವನ್ನು ಈ ಕಥೆ ಸಾರುತ್ತದೆ. ಅಭ್ಯಂಗ ಸ್ನಾನ ಮಾಡಿ ಹೊಸ ಬಟ್ಟೆ ತೊಟ್ಟು ಹಬ್ಬ ಆಚರಿಸುವುದು ಸಂಪ್ರದಾಯ.

ಬಲಿಪಾಡ್ಯಮಿಯು ದಾನಶೂರ ಬಲಿ ಚಕ್ರವರ್ತಿಯ ನೆನಪಿನ ದಿನ. ವಾಮನ ರೂಪದ ವಿಷ್ಣುವಿಗೆ ಸರ್ವಸ್ವವನ್ನೂ ಧಾರೆಯೆರೆದ ಬಲಿಯ ತ್ಯಾಗ ಅನನ್ಯ. ಬಲೀಂದ್ರ ಪೂಜೆ ಮಾಡುವ ಮೂಲಕ ರೈತಾಪಿ ಜನರು ಭೂಮಿಗೆ ಕೃತಜ್ಞತೆ ಸಲ್ಲಿಸುತ್ತಾರೆ. ಗೋಪೂಜೆ, ಗೋವರ್ಧನ ಪೂಜೆಗಳೂ ಈ ದಿನದ ವಿಶೇಷ.

ಲಕ್ಷ್ಮೀ ಪೂಜೆಯ ದಿನ ವ್ಯಾಪಾರಿಗಳು ಹೊಸ ಲೆಕ್ಕದ ಪುಸ್ತಕ ತೆರೆಯುತ್ತಾರೆ. ಶ್ರಮದಿಂದ ಗಳಿಸಿದ ಸಂಪತ್ತೇ ನಿಜವಾದ ಲಕ್ಷ್ಮಿ ಎಂಬ ಭಾವನೆ ಇದರ ಹಿಂದಿದೆ. ಸ್ವಚ್ಛತೆ ಇದ್ದಲ್ಲಿ ಲಕ್ಷ್ಮಿ ನೆಲೆಸುತ್ತಾಳೆ ಎಂಬ ನಂಬಿಕೆಯಿಂದ ಮನೆ-ಅಂಗಡಿಗಳನ್ನು ಶುಚಿಗೊಳಿಸಿ ಅಲಂಕರಿಸುತ್ತಾರೆ.

ದೀಪದಿಂದ ದೀಪ ಹಚ್ಚುವಂತೆ ಜ್ಞಾನದಿಂದ ಜ್ಞಾನ ಬೆಳೆಯುತ್ತದೆ. ಒಂದು ಹಣತೆ ತನ್ನ ಬೆಳಕನ್ನು ಹಂಚಿದರೂ ಅದರ ಪ್ರಕಾಶ ಕಡಿಮೆಯಾಗದು. ಹಂಚಿದಷ್ಟೂ ಹೆಚ್ಚುವ ಸಂಪತ್ತು ಜ್ಞಾನ ಮಾತ್ರ ಎಂಬ ತತ್ವವನ್ನು ದೀಪಾವಳಿ ನೆನಪಿಸುತ್ತದೆ.

ಬಲೀಂದ್ರ ಬಲೀಂದ್ರ ಹೋಳಿಗೆ ತಿಂದ ಬಲೀಂದ್ರ ಎಂದು ಮಕ್ಕಳು ಕೂಗುತ್ತ ಮನೆಮನೆ ಸುತ್ತುವ ಸಂಪ್ರದಾಯ ಗ್ರಾಮೀಣ ಭಾಗದಲ್ಲಿ ಇಂದಿಗೂ ಜೀವಂತ. ತುಳಸಿ ಕಟ್ಟೆಯ ಬಳಿ ದೀಪ ಹಚ್ಚಿ, ಗೂಡುದೀಪ ತೂಗಿಸಿ ಸಂಭ್ರಮಿಸುವ ದೃಶ್ಯ ಕಣ್ಣಿಗೆ ಹಬ್ಬ.

ಪಟಾಕಿಯ ಅಬ್ಬರಕ್ಕಿಂತ ಹಣತೆಯ ಮೌನ ಬೆಳಕು ಶ್ರೇಷ್ಠ. ಪರಿಸರಕ್ಕೆ ಹಾನಿ ಮಾಡದಂತೆ, ಮಕ್ಕಳ ಕಣ್ಣು-ಕಿವಿಗಳಿಗೆ ತೊಂದರೆಯಾಗದಂತೆ ಹಬ್ಬ ಆಚರಿಸುವ ವಿವೇಕ ನಮ್ಮದಾಗಬೇಕು. ಹಸಿರು ದೀಪಾವಳಿಯ ಪರಿಕಲ್ಪನೆ ಇಂದು ಎಲ್ಲೆಡೆ ಜನಪ್ರಿಯವಾಗುತ್ತಿದೆ.

ಬಡವ-ಬಲ್ಲಿದ ಎಂಬ ಭೇದವಿಲ್ಲದೆ ಎಲ್ಲರ ಮನೆಯಲ್ಲೂ ಬೆಳಗುವ ಹಣತೆ ಸಮಾನತೆಯ ಸಂಕೇತ. ನೆರೆಹೊರೆಯವರಿಗೆ ಸಿಹಿ ಹಂಚಿ ಸಂಭ್ರಮಿಸುವ ಈ ಹಬ್ಬ ಸಾಮರಸ್ಯದ ಪಾಠವನ್ನೂ ಕಲಿಸುತ್ತದೆ. ದೀಪಾವಳಿಯ ನಿಜವಾದ ಅರ್ಥ ಹೃದಯದ ಬೆಳಕಿನಲ್ಲಿದೆ.

ದೀಪಾವಳಿ ಎಂದರೆ ದೀಪಗಳ ಸಾಲು. ಕತ್ತಲೆಯಿಂದ ಬೆಳಕಿನೆಡೆಗೆ ಸಾಗು ಎಂಬ ಉಪನಿಷತ್ತಿನ ಸಂದೇಶವನ್ನು ಸಾರುವ ಹಬ್ಬ ಇದು. ಮನೆ ಮನೆಗಳಲ್ಲಿ ಹಣತೆ ಬೆಳಗುವ ಈ ಹಬ್ಬವು ಮನದ ಕತ್ತಲೆಯನ್ನೂ ಕಳೆಯಬೇಕು ಎಂಬುದು ಹಿರಿಯರ ಆಶಯ.

ನರಕ ಚತುರ್ದಶಿಯ ಹಿಂದೆ ಶ್ರೀಕೃಷ್ಣ ನರಕಾಸುರನನ್ನು ಸಂಹರಿಸಿ 16000 ಮಂದಿ ಸೆರೆಯಾಳುಗಳನ್ನು ಬಿಡುಗಡೆಗೊಳಿಸಿದ ಕಥೆ ಇದೆ. ದುಷ್ಟಶಕ್ತಿಯ ನಾಶ, ಶಿಷ್ಟರ ರಕ್ಷಣೆ ಎಂಬ ಸಂದೇಶವನ್ನು ಈ ಕಥೆ ಸಾರುತ್ತದೆ. ಅಭ್ಯಂಗ ಸ್ನಾನ ಮಾಡಿ ಹೊಸ ಬಟ್ಟೆ ತೊಟ್ಟು ಹಬ್ಬ ಆಚರಿಸುವುದು ಸಂಪ್ರದಾಯ.

ಬಲಿಪಾಡ್ಯಮಿಯು ದಾನಶೂರ ಬಲಿ ಚಕ್ರವರ್ತಿಯ ನೆನಪಿನ ದಿನ. ವಾಮನ ರೂಪದ ವಿಷ್ಣುವಿಗೆ ಸರ್ವಸ್ವವನ್ನೂ ಧಾರೆಯೆರೆದ ಬಲಿಯ ತ್ಯಾಗ ಅನನ್ಯ. ಬಲೀಂದ್ರ ಪೂಜೆ ಮಾಡುವ ಮೂಲಕ ರೈತಾಪಿ ಜನರು ಭೂಮಿಗೆ ಕೃತಜ್ಞತೆ ಸಲ್ಲಿಸುತ್ತಾರೆ. ಗೋಪೂಜೆ, ಗೋವರ್ಧನ ಪೂಜೆಗಳೂ ಈ ದಿನದ ವಿಶೇಷ.

ಲಕ್ಷ್ಮೀ ಪೂಜೆಯ ದಿನ ವ್ಯಾಪಾರಿಗಳು ಹೊಸ ಲೆಕ್ಕದ ಪುಸ್ತಕ ತೆರೆಯುತ್ತಾರೆ. ಶ್ರಮದಿಂದ ಗಳಿಸಿದ ಸಂಪತ್ತೇ ನಿಜವಾದ ಲಕ್ಷ್ಮಿ ಎಂಬ ಭಾವನೆ ಇದರ ಹಿಂದಿದೆ. ಸ್ವಚ್ಛತೆ ಇದ್ದಲ್ಲಿ ಲಕ್ಷ್ಮಿ ನೆಲೆಸುತ್ತಾಳೆ ಎಂಬ ನಂಬಿಕೆಯಿಂದ ಮನೆ-ಅಂಗಡಿಗಳನ್ನು ಶುಚಿಗೊಳಿಸಿ ಅಲಂಕರಿಸುತ್ತಾರೆ.

ದೀಪದಿಂದ ದೀಪ ಹಚ್ಚುವಂತೆ ಜ್ಞಾನದಿಂದ ಜ್ಞಾನ ಬೆಳೆಯುತ್ತದೆ. ಒಂದು ಹಣತೆ ತನ್ನ ಬೆಳಕನ್ನು ಹಂಚಿದರೂ ಅದರ ಪ್ರಕಾಶ ಕಡಿಮೆಯಾಗದು. ಹಂಚಿದಷ್ಟೂ ಹೆಚ್ಚುವ ಸಂಪತ್ತು ಜ್ಞಾನ ಮಾತ್ರ ಎಂಬ ತತ್ವವನ್ನು ದೀಪಾವಳಿ ನೆನಪಿಸುತ್ತದೆ.

ಬಲೀಂದ್ರ ಬಲೀಂದ್ರ ಹೋಳಿಗೆ ತಿಂದ ಬಲೀಂದ್ರ ಎಂದು ಮಕ್ಕಳು ಕೂಗುತ್ತ ಮನೆಮನೆ ಸುತ್ತುವ ಸಂಪ್ರದಾಯ ಗ್ರಾಮೀಣ ಭಾಗದಲ್ಲಿ ಇಂದಿಗೂ ಜೀವಂತ. ತುಳಸಿ ಕಟ್ಟೆಯ ಬಳಿ ದೀಪ ಹಚ್ಚಿ, ಗೂಡುದೀಪ ತೂಗಿಸಿ ಸಂಭ್ರಮಿಸುವ ದೃಶ್ಯ ಕಣ್ಣಿಗೆ ಹಬ್ಬ.

ಪಟಾಕಿಯ ಅಬ್ಬರಕ್ಕಿಂತ ಹಣತೆಯ ಮೌನ ಬೆಳಕು ಶ್ರೇಷ್ಠ. ಪರಿಸರಕ್ಕೆ ಹಾನಿ ಮಾಡದಂತೆ, ಮಕ್ಕಳ ಕಣ್ಣು-ಕಿವಿಗಳಿಗೆ ತೊಂದರೆಯಾಗದಂತೆ ಹಬ್ಬ ಆಚರಿಸುವ ವಿವೇಕ ನಮ್ಮದಾಗಬೇಕು. ಹಸಿರು ದೀಪಾವಳಿಯ ಪರಿಕಲ್ಪನೆ ಇಂದು ಎಲ್ಲೆಡೆ ಜನಪ್ರಿಯವಾಗುತ್ತಿದೆ.

ಬಡವ-ಬಲ್ಲಿದ ಎಂಬ ಭೇದವಿಲ್ಲದೆ ಎಲ್ಲರ ಮನೆಯಲ್ಲೂ ಬೆಳಗುವ ಹಣತೆ ಸಮಾನತೆಯ ಸಂಕೇತ. ನೆರೆಹೊರೆಯವರಿಗೆ ಸಿಹಿ ಹಂಚಿ ಸಂಭ್ರಮಿಸುವ ಈ ಹಬ್ಬ ಸಾಮರಸ್ಯದ ಪಾಠವನ್ನೂ ಕಲಿಸುತ್ತದೆ. ದೀಪಾವಳಿಯ ನಿಜವಾದ ಅರ್ಥ ಹೃದಯದ ಬೆಳಕಿನಲ್ಲಿದೆ.

ದೀಪಾವಳಿ ಎಂದರೆ ದೀಪಗಳ ಸಾಲು. ಕತ್ತಲೆಯಿಂದ ಬೆಳಕಿನೆಡೆಗೆ ಸಾಗು ಎಂಬ ಉಪನಿಷತ್ತಿನ ಸಂದೇಶವನ್ನು ಸಾರುವ ಹಬ್ಬ ಇದು. ಮನೆ ಮನೆಗಳಲ್ಲಿ ಹಣತೆ ಬೆಳಗುವ ಈ ಹಬ್ಬವು ಮನದ ಕತ್ತಲೆಯನ್ನೂ ಕಳೆಯಬೇಕು ಎಂಬುದು ಹಿರಿಯರ ಆಶಯ.

ನರಕ ಚತುರ್ದಶಿಯ ಹಿಂದೆ ಶ್ರೀಕೃಷ್ಣ ನರಕಾಸುರನನ್ನು ಸಂಹರಿಸಿ 16000 ಮಂದಿ ಸೆರೆಯಾಳುಗಳನ್ನು ಬಿಡುಗಡೆಗೊಳಿಸಿದ ಕಥೆ ಇದೆ. ದುಷ್ಟಶಕ್ತಿಯ ನಾಶ, ಶಿಷ್ಟರ ರಕ್ಷಣೆ ಎಂಬ ಸಂದೇಶವನ್ನು ಈ ಕಥೆ ಸಾರುತ್ತದೆ. ಅಭ್ಯಂಗ ಸ್ನಾನ ಮಾಡಿ ಹೊಸ ಬಟ್ಟೆ ತೊಟ್ಟು ಹಬ್ಬ ಆಚರಿಸುವುದು ಸಂಪ್ರದಾಯ.

ಬಲಿಪಾಡ್ಯಮಿಯು ದಾನಶೂರ ಬಲಿ ಚಕ್ರವರ್ತಿಯ ನೆನಪಿನ ದಿನ. ವಾಮನ ರೂಪದ ವಿಷ್ಣುವಿಗೆ ಸರ್ವಸ್ವವನ್ನೂ ಧಾರೆಯೆರೆದ ಬಲಿಯ ತ್ಯಾಗ ಅನನ್ಯ. ಬಲೀಂದ್ರ ಪೂಜೆ ಮಾಡುವ ಮೂಲಕ ರೈತಾಪಿ ಜನರು ಭೂಮಿಗೆ ಕೃತಜ್ಞತೆ ಸಲ್ಲಿಸುತ್ತಾರೆ. ಗೋಪೂಜೆ, ಗೋವರ್ಧನ ಪೂಜೆಗಳೂ ಈ ದಿನದ ವಿಶೇಷ.

ಲಕ್ಷ್ಮೀ ಪೂಜೆಯ ದಿನ ವ್ಯಾಪಾರಿಗಳು ಹೊಸ ಲೆಕ್ಕದ ಪುಸ್ತಕ ತೆರೆಯುತ್ತಾರೆ. ಶ್ರಮದಿಂದ ಗಳಿಸಿದ ಸಂಪತ್ತೇ ನಿಜವಾದ ಲಕ್ಷ್ಮಿ ಎಂಬ ಭಾವನೆ ಇದರ ಹಿಂದಿದೆ. ಸ್ವಚ್ಛತೆ ಇದ್ದಲ್ಲಿ ಲಕ್ಷ್ಮಿ ನೆಲೆಸುತ್ತಾಳೆ ಎಂಬ ನಂಬಿಕೆಯಿಂದ ಮನೆ-ಅಂಗಡಿಗಳನ್ನು ಶುಚಿಗೊಳಿಸಿ ಅಲಂಕರಿಸುತ್ತಾರೆ.

ದೀಪದಿಂದ ದೀಪ ಹಚ್ಚುವಂತೆ ಜ್ಞಾನದಿಂದ ಜ್ಞಾನ ಬೆಳೆಯುತ್ತದೆ. ಒಂದು ಹಣತೆ ತನ್ನ ಬೆಳಕನ್ನು ಹಂಚಿದರೂ ಅದರ ಪ್ರಕಾಶ ಕಡಿಮೆಯಾಗದು. ಹಂಚಿದಷ್ಟೂ ಹೆಚ್ಚುವ ಸಂಪತ್ತು ಜ್ಞಾನ ಮಾತ್ರ ಎಂಬ ತತ್ವವನ್ನು ದೀಪಾವಳಿ ನೆನಪಿಸುತ್ತದೆ.

ಬಲೀಂದ್ರ ಬಲೀಂದ್ರ ಹೋಳಿಗೆ ತಿಂದ ಬಲೀಂದ್ರ ಎಂದು ಮಕ್ಕಳು ಕೂಗುತ್ತ ಮನೆಮನೆ ಸುತ್ತುವ ಸಂಪ್ರದಾಯ ಗ್ರಾಮೀಣ ಭಾಗದಲ್ಲಿ ಇಂದಿಗೂ ಜೀವಂತ. ತುಳಸಿ ಕಟ್ಟೆಯ ಬಳಿ ದೀಪ ಹಚ್ಚಿ, ಗೂಡುದೀಪ ತೂಗಿಸಿ ಸಂಭ್ರಮಿಸುವ ದೃಶ್ಯ ಕಣ್ಣಿಗೆ ಹಬ್ಬ.

ಪಟಾಕಿಯ ಅಬ್ಬರಕ್ಕಿಂತ ಹಣತೆಯ ಮೌನ ಬೆಳಕು ಶ್ರೇಷ್ಠ. ಪರಿಸರಕ್ಕೆ ಹಾನಿ ಮಾಡದಂತೆ, ಮಕ್ಕಳ ಕಣ್ಣು-ಕಿವಿಗಳಿಗೆ ತೊಂದರೆಯಾಗದಂತೆ ಹಬ್ಬ ಆಚರಿಸುವ ವಿವೇಕ ನಮ್ಮದಾಗಬೇಕು. ಹಸಿರು ದೀಪಾವಳಿಯ ಪರಿಕಲ್ಪನೆ ಇಂದು ಎಲ್ಲೆಡೆ ಜನಪ್ರಿಯವಾಗುತ್ತಿದೆ.

ಬಡವ-ಬಲ್ಲಿದ ಎಂಬ ಭೇದವಿಲ್ಲದೆ ಎಲ್ಲರ ಮನೆಯಲ್ಲೂ ಬೆಳಗುವ ಹಣತೆ ಸಮಾನತೆಯ ಸಂಕೇತ. ನೆರೆಹೊರೆಯವರಿಗೆ ಸಿಹಿ ಹಂಚಿ ಸಂಭ್ರಮಿಸುವ ಈ ಹಬ್ಬ ಸಾಮರಸ್ಯದ ಪಾಠವನ್ನೂ ಕಲಿಸುತ್ತದೆ. ದೀಪಾವಳಿಯ ನಿಜವಾದ ಅರ್ಥ ಹೃದಯದ ಬೆಳಕಿನಲ್ಲಿದೆ.

◆
ಜನಸಂಖ್ಯಾ ಸ್ವರೂಪ ಬದಲಾವಣೆಯ ಅಪಾಯ
ದಿನೇಶ್ ಕಾಮತ್
ಜ ದೇಶದ ಜನಸಂಖ್ಯಾ ಸ್ವರೂಪದಲ್ಲಿ ಆಗುತ್ತಿರುವ ಬದಲಾವಣೆ ಗಂಭೀರ ಚರ್ಚೆಗೆ ಕಾರಣವಾಗಿದೆ. 1951ರಲ್ಲಿ ಶೇ. 84ರಷ್ಟಿದ್ದ ಬಹುಸಂಖ್ಯಾತರ ಪ್ರಮಾಣ 2011ರ ಜನಗಣತಿಯ ವೇಳೆಗೆ ಶೇ. 79.8ಕ್ಕೆ ಇಳಿದಿದೆ. ಇದೇ ಅವಧಿಯಲ್ಲಿ ಕೆಲವು ಸಮುದಾಯಗಳ ಪ್ರಮಾಣ ಶೇ. 9.8ರಿಂದ ಶೇ. 14.2ಕ್ಕೆ ಏರಿದೆ.

ಗಡಿ ಜಿಲ್ಲೆಗಳಲ್ಲಿ ಈ ಬದಲಾವಣೆ ಇನ್ನಷ್ಟು ತೀವ್ರವಾಗಿದೆ ಎಂದು ಅಧ್ಯಯನಗಳು ಹೇಳುತ್ತವೆ. ಅಕ್ರಮ ವಲಸೆ, ಮತಾಂತರ ಮುಂತಾದ ಕಾರಣಗಳಿಂದ ಕೆಲವು ಪ್ರದೇಶಗಳಲ್ಲಿ ಜನಸಂಖ್ಯಾ ಸಮತೋಲನವೇ ಬುಡಮೇಲಾಗಿದೆ. ಇದು ಕೇವಲ ಅಂಕಿ-ಅಂಶಗಳ ಪ್ರಶ್ನೆಯಲ್ಲ; ಸಾಮಾಜಿಕ ಸಾಮರಸ್ಯದ ಪ್ರಶ್ನೆ.

ಜನಸಂಖ್ಯಾ ಬದಲಾವಣೆಯ ಪರಿಣಾಮ ರಾಜಕೀಯ ಪ್ರಾತಿನಿಧ್ಯದ ಮೇಲೂ ಆಗುತ್ತದೆ. ಕ್ಷೇತ್ರ ಪುನರ್ ವಿಂಗಡಣೆಯ ಸಂದರ್ಭದಲ್ಲಿ ಈ ಅಂಶ ನಿರ್ಣಾಯಕವಾಗಲಿದೆ. ಹೀಗಾಗಿ ನಿಖರವಾದ ಅಂಕಿ-ಅಂಶ ಸಂಗ್ರಹ ಮತ್ತು ವೈಜ್ಞಾನಿಕ ವಿಶ್ಲೇಷಣೆ ಇಂದಿನ ತುರ್ತು ಅಗತ್ಯ.

ವಿಶ್ವದ ಹಲವು ರಾಷ್ಟ್ರಗಳು ಜನಸಂಖ್ಯಾ ಅಸಮತೋಲನದ ದುಷ್ಪರಿಣಾಮಗಳನ್ನು ಅನುಭವಿಸಿವೆ. ನೆರೆಯ ದೇಶಗಳ ಉದಾಹರಣೆಯೇ ನಮ್ಮ ಕಣ್ಣ ಮುಂದಿದೆ. 1951ರಿಂದ 2011ರವರೆಗಿನ ಅಂಕಿ-ಅಂಶಗಳನ್ನು ಗಮನಿಸಿದರೆ ಕೆಲವು ಜಿಲ್ಲೆಗಳಲ್ಲಿ ಶೇ. 35ಕ್ಕೂ ಹೆಚ್ಚು ವ್ಯತ್ಯಾಸ ಕಂಡುಬರುತ್ತದೆ.

ದೇಶದ ಜನಸಂಖ್ಯಾ ಸ್ವರೂಪದಲ್ಲಿ ಆಗುತ್ತಿರುವ ಬದಲಾವಣೆ ಗಂಭೀರ ಚರ್ಚೆಗೆ ಕಾರಣವಾಗಿದೆ. 1951ರಲ್ಲಿ ಶೇ. 84ರಷ್ಟಿದ್ದ ಬಹುಸಂಖ್ಯಾತರ ಪ್ರಮಾಣ 2011ರ ಜನಗಣತಿಯ ವೇಳೆಗೆ ಶೇ. 79.8ಕ್ಕೆ ಇಳಿದಿದೆ. ಇದೇ ಅವಧಿಯಲ್ಲಿ ಕೆಲವು ಸಮುದಾಯಗಳ ಪ್ರಮಾಣ ಶೇ. 9.8ರಿಂದ ಶೇ. 14.2ಕ್ಕೆ ಏರಿದೆ.

ಗಡಿ ಜಿಲ್ಲೆಗಳಲ್ಲಿ ಈ ಬದಲಾವಣೆ ಇನ್ನಷ್ಟು ತೀವ್ರವಾಗಿದೆ ಎಂದು ಅಧ್ಯಯನಗಳು ಹೇಳುತ್ತವೆ. ಅಕ್ರಮ ವಲಸೆ, ಮತಾಂತರ ಮುಂತಾದ ಕಾರಣಗಳಿಂದ ಕೆಲವು ಪ್ರದೇಶಗಳಲ್ಲಿ ಜನಸಂಖ್ಯಾ ಸಮತೋಲನವೇ ಬುಡಮೇಲಾಗಿದೆ. ಇದು ಕೇವಲ ಅಂಕಿ-ಅಂಶಗಳ ಪ್ರಶ್ನೆಯಲ್ಲ; ಸಾಮಾಜಿಕ ಸಾಮರಸ್ಯದ ಪ್ರಶ್ನೆ.

ಜನಸಂಖ್ಯಾ ಬದಲಾವಣೆಯ ಪರಿಣಾಮ ರಾಜಕೀಯ ಪ್ರಾತಿನಿಧ್ಯದ ಮೇಲೂ ಆಗುತ್ತದೆ. ಕ್ಷೇತ್ರ ಪುನರ್ ವಿಂಗಡಣೆಯ ಸಂದರ್ಭದಲ್ಲಿ ಈ ಅಂಶ ನಿರ್ಣಾಯಕವಾಗಲಿದೆ. ಹೀಗಾಗಿ ನಿಖರವಾದ ಅಂಕಿ-ಅಂಶ ಸಂಗ್ರಹ ಮತ್ತು ವೈಜ್ಞಾನಿಕ ವಿಶ್ಲೇಷಣೆ ಇಂದಿನ ತುರ್ತು ಅಗತ್ಯ.

ವಿಶ್ವದ ಹಲವು ರಾಷ್ಟ್ರಗಳು ಜನಸಂಖ್ಯಾ ಅಸಮತೋಲನದ ದುಷ್ಪರಿಣಾಮಗಳನ್ನು ಅನುಭವಿಸಿವೆ. ನೆರೆಯ ದೇಶಗಳ ಉದಾಹರಣೆಯೇ ನಮ್ಮ ಕಣ್ಣ ಮುಂದಿದೆ. 1951ರಿಂದ 2011ರವರೆಗಿನ ಅಂಕಿ-ಅಂಶಗಳನ್ನು ಗಮನಿಸಿದರೆ ಕೆಲವು ಜಿಲ್ಲೆಗಳಲ್ಲಿ ಶೇ. 35ಕ್ಕೂ ಹೆಚ್ಚು ವ್ಯತ್ಯಾಸ ಕಂಡುಬರುತ್ತದೆ.

ದೇಶದ ಜನಸಂಖ್ಯಾ ಸ್ವರೂಪದಲ್ಲಿ ಆಗುತ್ತಿರುವ ಬದಲಾವಣೆ ಗಂಭೀರ ಚರ್ಚೆಗೆ ಕಾರಣವಾಗಿದೆ. 1951ರಲ್ಲಿ ಶೇ. 84ರಷ್ಟಿದ್ದ ಬಹುಸಂಖ್ಯಾತರ ಪ್ರಮಾಣ 2011ರ ಜನಗಣತಿಯ ವೇಳೆಗೆ ಶೇ. 79.8ಕ್ಕೆ ಇಳಿದಿದೆ. ಇದೇ ಅವಧಿಯಲ್ಲಿ ಕೆಲವು ಸಮುದಾಯಗಳ ಪ್ರಮಾಣ ಶೇ. 9.8ರಿಂದ ಶೇ. 14.2ಕ್ಕೆ ಏರಿದೆ.

ಗಡಿ ಜಿಲ್ಲೆಗಳಲ್ಲಿ ಈ ಬದಲಾವಣೆ ಇನ್ನಷ್ಟು ತೀವ್ರವಾಗಿದೆ ಎಂದು ಅಧ್ಯಯನಗಳು ಹೇಳುತ್ತವೆ. ಅಕ್ರಮ ವಲಸೆ, ಮತಾಂತರ ಮುಂತಾದ ಕಾರಣಗಳಿಂದ ಕೆಲವು ಪ್ರದೇಶಗಳಲ್ಲಿ ಜನಸಂಖ್ಯಾ ಸಮತೋಲನವೇ ಬುಡಮೇಲಾಗಿದೆ. ಇದು ಕೇವಲ ಅಂಕಿ-ಅಂಶಗಳ ಪ್ರಶ್ನೆಯಲ್ಲ; ಸಾಮಾಜಿಕ ಸಾಮರಸ್ಯದ ಪ್ರಶ್ನೆ.

ಜನಸಂಖ್ಯಾ ಬದಲಾವಣೆಯ ಪರಿಣಾಮ ರಾಜಕೀಯ ಪ್ರಾತಿನಿಧ್ಯದ ಮೇಲೂ ಆಗುತ್ತದೆ. ಕ್ಷೇತ್ರ ಪುನರ್ ವಿಂಗಡಣೆಯ ಸಂದರ್ಭದಲ್ಲಿ ಈ ಅಂಶ ನಿರ್ಣಾಯಕವಾಗಲಿದೆ. ಹೀಗಾಗಿ ನಿಖರವಾದ ಅಂಕಿ-ಅಂಶ ಸಂಗ್ರಹ ಮತ್ತು ವೈಜ್ಞಾನಿಕ ವಿಶ್ಲೇಷಣೆ ಇಂದಿನ ತುರ್ತು ಅಗತ್ಯ.

ವಿಶ್ವದ ಹಲವು ರಾಷ್ಟ್ರಗಳು ಜನಸಂಖ್ಯಾ ಅಸಮತೋಲನದ ದುಷ್ಪರಿಣಾಮಗಳನ್ನು ಅನುಭವಿಸಿವೆ. ನೆರೆಯ ದೇಶಗಳ ಉದಾಹರಣೆಯೇ ನಮ್ಮ ಕಣ್ಣ ಮುಂದಿದೆ. 1951ರಿಂದ 2011ರವರೆಗಿನ ಅಂಕಿ-ಅಂಶಗಳನ್ನು ಗಮನಿಸಿದರೆ ಕೆಲವು ಜಿಲ್ಲೆಗಳಲ್ಲಿ ಶೇ. 35ಕ್ಕೂ ಹೆಚ್ಚು ವ್ಯತ್ಯಾಸ ಕಂಡುಬರುತ್ತದೆ.

ಅಸ್ಸಾಂ, ಪಶ್ಚಿಮ ಬಂಗಾಳ, ಬಿಹಾರದ ಗಡಿ ಜಿಲ್ಲೆಗಳಲ್ಲಿ ಜನಸಂಖ್ಯಾ ಸ್ವರೂಪ ಬದಲಾದ ಬಗ್ಗೆ ಹಲವು ವರದಿಗಳು ಪ್ರಕಟವಾಗಿವೆ. ಕೆಲವೆಡೆ ಬಹುಸಂಖ್ಯಾತರ ಪ್ರಮಾಣ ಶೇ. 74.45ರಿಂದ ಶೇ. 70.54ಕ್ಕೆ ಇಳಿದಿದ್ದರೆ, ಇನ್ನು ಕೆಲವೆಡೆ ಶೇ. 19.25ರಿಂದ ಶೇ. 27.01ಕ್ಕೆ ಏರಿಕೆಯಾಗಿದೆ.

ಜನಸಂಖ್ಯಾ ನೀತಿ ರೂಪಿಸುವಾಗ ಎಲ್ಲ ಸಮುದಾಯಗಳಿಗೂ ಸಮಾನ ನಿಯಮ ಇರಬೇಕು. ಸಣ್ಣ ಕುಟುಂಬದ ಪರಿಕಲ್ಪನೆ ಎಲ್ಲರಿಗೂ ಅನ್ವಯವಾಗಬೇಕು. ಇಲ್ಲದಿದ್ದರೆ ಮುಂದಿನ ದಶಕಗಳಲ್ಲಿ ಅಸಮತೋಲನ ಇನ್ನಷ್ಟು ಹೆಚ್ಚಾಗುವ ಅಪಾಯವಿದೆ ಎಂದು ತಜ್ಞರು ಎಚ್ಚರಿಸುತ್ತಾರೆ.

ಅಸ್ಸಾಂ, ಪಶ್ಚಿಮ ಬಂಗಾಳ, ಬಿಹಾರದ ಗಡಿ ಜಿಲ್ಲೆಗಳಲ್ಲಿ ಜನಸಂಖ್ಯಾ ಸ್ವರೂಪ ಬದಲಾದ ಬಗ್ಗೆ ಹಲವು ವರದಿಗಳು ಪ್ರಕಟವಾಗಿವೆ. ಕೆಲವೆಡೆ ಬಹುಸಂಖ್ಯಾತರ ಪ್ರಮಾಣ ಶೇ. 74.45ರಿಂದ ಶೇ. 70.54ಕ್ಕೆ ಇಳಿದಿದ್ದರೆ, ಇನ್ನು ಕೆಲವೆಡೆ ಶೇ. 19.25ರಿಂದ ಶೇ. 27.01ಕ್ಕೆ ಏರಿಕೆಯಾಗಿದೆ.

ಜನಸಂಖ್ಯಾ ನೀತಿ ರೂಪಿಸುವಾಗ ಎಲ್ಲ ಸಮುದಾಯಗಳಿಗೂ ಸಮಾನ ನಿಯಮ ಇರಬೇಕು. ಸಣ್ಣ ಕುಟುಂಬದ ಪರಿಕಲ್ಪನೆ ಎಲ್ಲರಿಗೂ ಅನ್ವಯವಾಗಬೇಕು. ಇಲ್ಲದಿದ್ದರೆ ಮುಂದಿನ ದಶಕಗಳಲ್ಲಿ ಅಸಮತೋಲನ ಇನ್ನಷ್ಟು ಹೆಚ್ಚಾಗುವ ಅಪಾಯವಿದೆ ಎಂದು ತಜ್ಞರು ಎಚ್ಚರಿಸುತ್ತಾರೆ.

ದೇಶದಲ್ಲಿ ಜನಸಂಖ್ಯಾ ಸ್ವರೂಪ ಬದಲಾಗುತ್ತಿದೆ ಎಂಬುದು ಕೇವಲ ಬೊಗಳೆ ಮಾತಲ್ಲ; ಹಿಂದೂ ಸಂಖ್ಯೆ ಕಡಿಮೆಯಾಗುತ್ತಾ ಬರುತ್ತಿರುವುದಕ್ಕೆ ಅಂಕಿ ಅಂಶಗಳೇ ಸಾಕ್ಷಿ.

ಜನಗಣತಿಯ ಜತೆಗೆ ಈ ಬಾರಿ ಜಾತಿ ಗಣತಿಯೂ ನಡೆಯಲಿರುವುದರಿಂದ ನಿಖರ ಮಾಹಿತಿ ಲಭ್ಯವಾಗಲಿದೆ. ಇದರ ಆಧಾರದ ಮೇಲೆ ವೈಜ್ಞಾನಿಕ ನೀತಿ ರೂಪುಗೊಳ್ಳಬೇಕು. ಭಾವನಾತ್ಮಕ ಚರ್ಚೆಗಿಂತ ವಾಸ್ತವಾಂಶದ ವಿಶ್ಲೇಷಣೆ ಮುಖ್ಯ ಎಂಬುದನ್ನು ಮರೆಯಬಾರದು.

ಕೇಂದ್ರ ಸರ್ಕಾರ ಮುಂದಿನ ವರ್ಷ ನಡೆಸಲಿರುವ ಜನಗಣತಿಯಲ್ಲಿ ನಿಖರ ಮಾಹಿತಿ ಸಂಗ್ರಹಕ್ಕೆ ಡಿಜಿಟಲ್ ತಂತ್ರಜ್ಞಾನ ಬಳಸಲಾಗುತ್ತಿದೆ. ಪ್ರತಿ ಮನೆಯ ದತ್ತಾಂಶವೂ ದಾಖಲಾಗಲಿದ್ದು, ಜನಸಂಖ್ಯಾ ಸ್ವರೂಪದ ನೈಜ ಚಿತ್ರಣ ದೊರೆಯಲಿದೆ. 2011ರಲ್ಲಿ ಶೇ. 9.3ರಷ್ಟಿದ್ದ ವಲಸಿಗರ ಪ್ರಮಾಣ ಈಗ ಶೇ. 34.22ರ ವೇಗದಲ್ಲಿ ಬೆಳೆಯುತ್ತಿದೆ ಎಂಬ ಅಂದಾಜಿದೆ.

ಬಾಂಗ್ಲಾ ಗಡಿಯ 66 ಜಿಲ್ಲೆಗಳಲ್ಲಿ ಜನಸಂಖ್ಯಾ ಬೆಳವಣಿಗೆ ರಾಷ್ಟ್ರೀಯ ಸರಾಸರಿಗಿಂತ ಹೆಚ್ಚಿದೆ ಎಂದು ವರದಿಗಳು ಹೇಳುತ್ತವೆ. ಇದು ಭದ್ರತೆಯ ದೃಷ್ಟಿಯಿಂದಲೂ ಗಂಭೀರ ವಿಷಯ. ಜಾಗೃತ ಸಮಾಜ ಮಾತ್ರ ಇಂತಹ ಸವಾಲುಗಳನ್ನು ಎದುರಿಸಬಲ್ಲದು ಎಂಬುದನ್ನು ಮರೆಯುವಂತಿಲ್ಲ.

ಒಟ್ಟಿನಲ್ಲಿ ಜನಸಂಖ್ಯಾ ಸ್ವರೂಪದ ಬದಲಾವಣೆ ದೇಶದ ಭದ್ರತೆ, ಸಂಸ್ಕೃತಿ ಮತ್ತು ಸಾಮರಸ್ಯದ ಮೇಲೆ ದೂರಗಾಮಿ ಪರಿಣಾಮ ಬೀರುವ ವಿಷಯ. ಈ ಕುರಿತು ಜಾಗೃತಿ ಮೂಡಿಸುವುದು ಪ್ರತಿಯೊಬ್ಬ ಪ್ರಜೆಯ ಕರ್ತವ್ಯ.

ಜನಗಣತಿಯ ಜತೆಗೆ ಈ ಬಾರಿ ಜಾತಿ ಗಣತಿಯೂ ನಡೆಯಲಿರುವುದರಿಂದ ನಿಖರ ಮಾಹಿತಿ ಲಭ್ಯವಾಗಲಿದೆ. ಇದರ ಆಧಾರದ ಮೇಲೆ ವೈಜ್ಞಾನಿಕ ನೀತಿ ರೂಪುಗೊಳ್ಳಬೇಕು. ಭಾವನಾತ್ಮಕ ಚರ್ಚೆಗಿಂತ ವಾಸ್ತವಾಂಶದ ವಿಶ್ಲೇಷಣೆ ಮುಖ್ಯ ಎಂಬುದನ್ನು ಮರೆಯಬಾರದು.

ಕೇಂದ್ರ ಸರ್ಕಾರ ಮುಂದಿನ ವರ್ಷ ನಡೆಸಲಿರುವ ಜನಗಣತಿಯಲ್ಲಿ ನಿಖರ ಮಾಹಿತಿ ಸಂಗ್ರಹಕ್ಕೆ ಡಿಜಿಟಲ್ ತಂತ್ರಜ್ಞಾನ ಬಳಸಲಾಗುತ್ತಿದೆ. ಪ್ರತಿ ಮನೆಯ ದತ್ತಾಂಶವೂ ದಾಖಲಾಗಲಿದ್ದು, ಜನಸಂಖ್ಯಾ ಸ್ವರೂಪದ ನೈಜ ಚಿತ್ರಣ ದೊರೆಯಲಿದೆ. 2011ರಲ್ಲಿ ಶೇ. 9.3ರಷ್ಟಿದ್ದ ವಲಸಿಗರ ಪ್ರಮಾಣ ಈಗ ಶೇ. 34.22ರ ವೇಗದಲ್ಲಿ ಬೆಳೆಯುತ್ತಿದೆ ಎಂಬ ಅಂದಾಜಿದೆ.

ಬಾಂಗ್ಲಾ ಗಡಿಯ 66 ಜಿಲ್ಲೆಗಳಲ್ಲಿ ಜನಸಂಖ್ಯಾ ಬೆಳವಣಿಗೆ ರಾಷ್ಟ್ರೀಯ ಸರಾಸರಿಗಿಂತ ಹೆಚ್ಚಿದೆ ಎಂದು ವರದಿಗಳು ಹೇಳುತ್ತವೆ. ಇದು ಭದ್ರತೆಯ ದೃಷ್ಟಿಯಿಂದಲೂ ಗಂಭೀರ ವಿಷಯ. ಜಾಗೃತ ಸಮಾಜ ಮಾತ್ರ ಇಂತಹ ಸವಾಲುಗಳನ್ನು ಎದುರಿಸಬಲ್ಲದು ಎಂಬುದನ್ನು ಮರೆಯುವಂತಿಲ್ಲ.

ಒಟ್ಟಿನಲ್ಲಿ ಜನಸಂಖ್ಯಾ ಸ್ವರೂಪದ ಬದಲಾವಣೆ ದೇಶದ ಭದ್ರತೆ, ಸಂಸ್ಕೃತಿ ಮತ್ತು ಸಾಮರಸ್ಯದ ಮೇಲೆ ದೂರಗಾಮಿ ಪರಿಣಾಮ ಬೀರುವ ವಿಷಯ. ಈ ಕುರಿತು ಜಾಗೃತಿ ಮೂಡಿಸುವುದು ಪ್ರತಿಯೊಬ್ಬ ಪ್ರಜೆಯ ಕರ್ತವ್ಯ.

◆
